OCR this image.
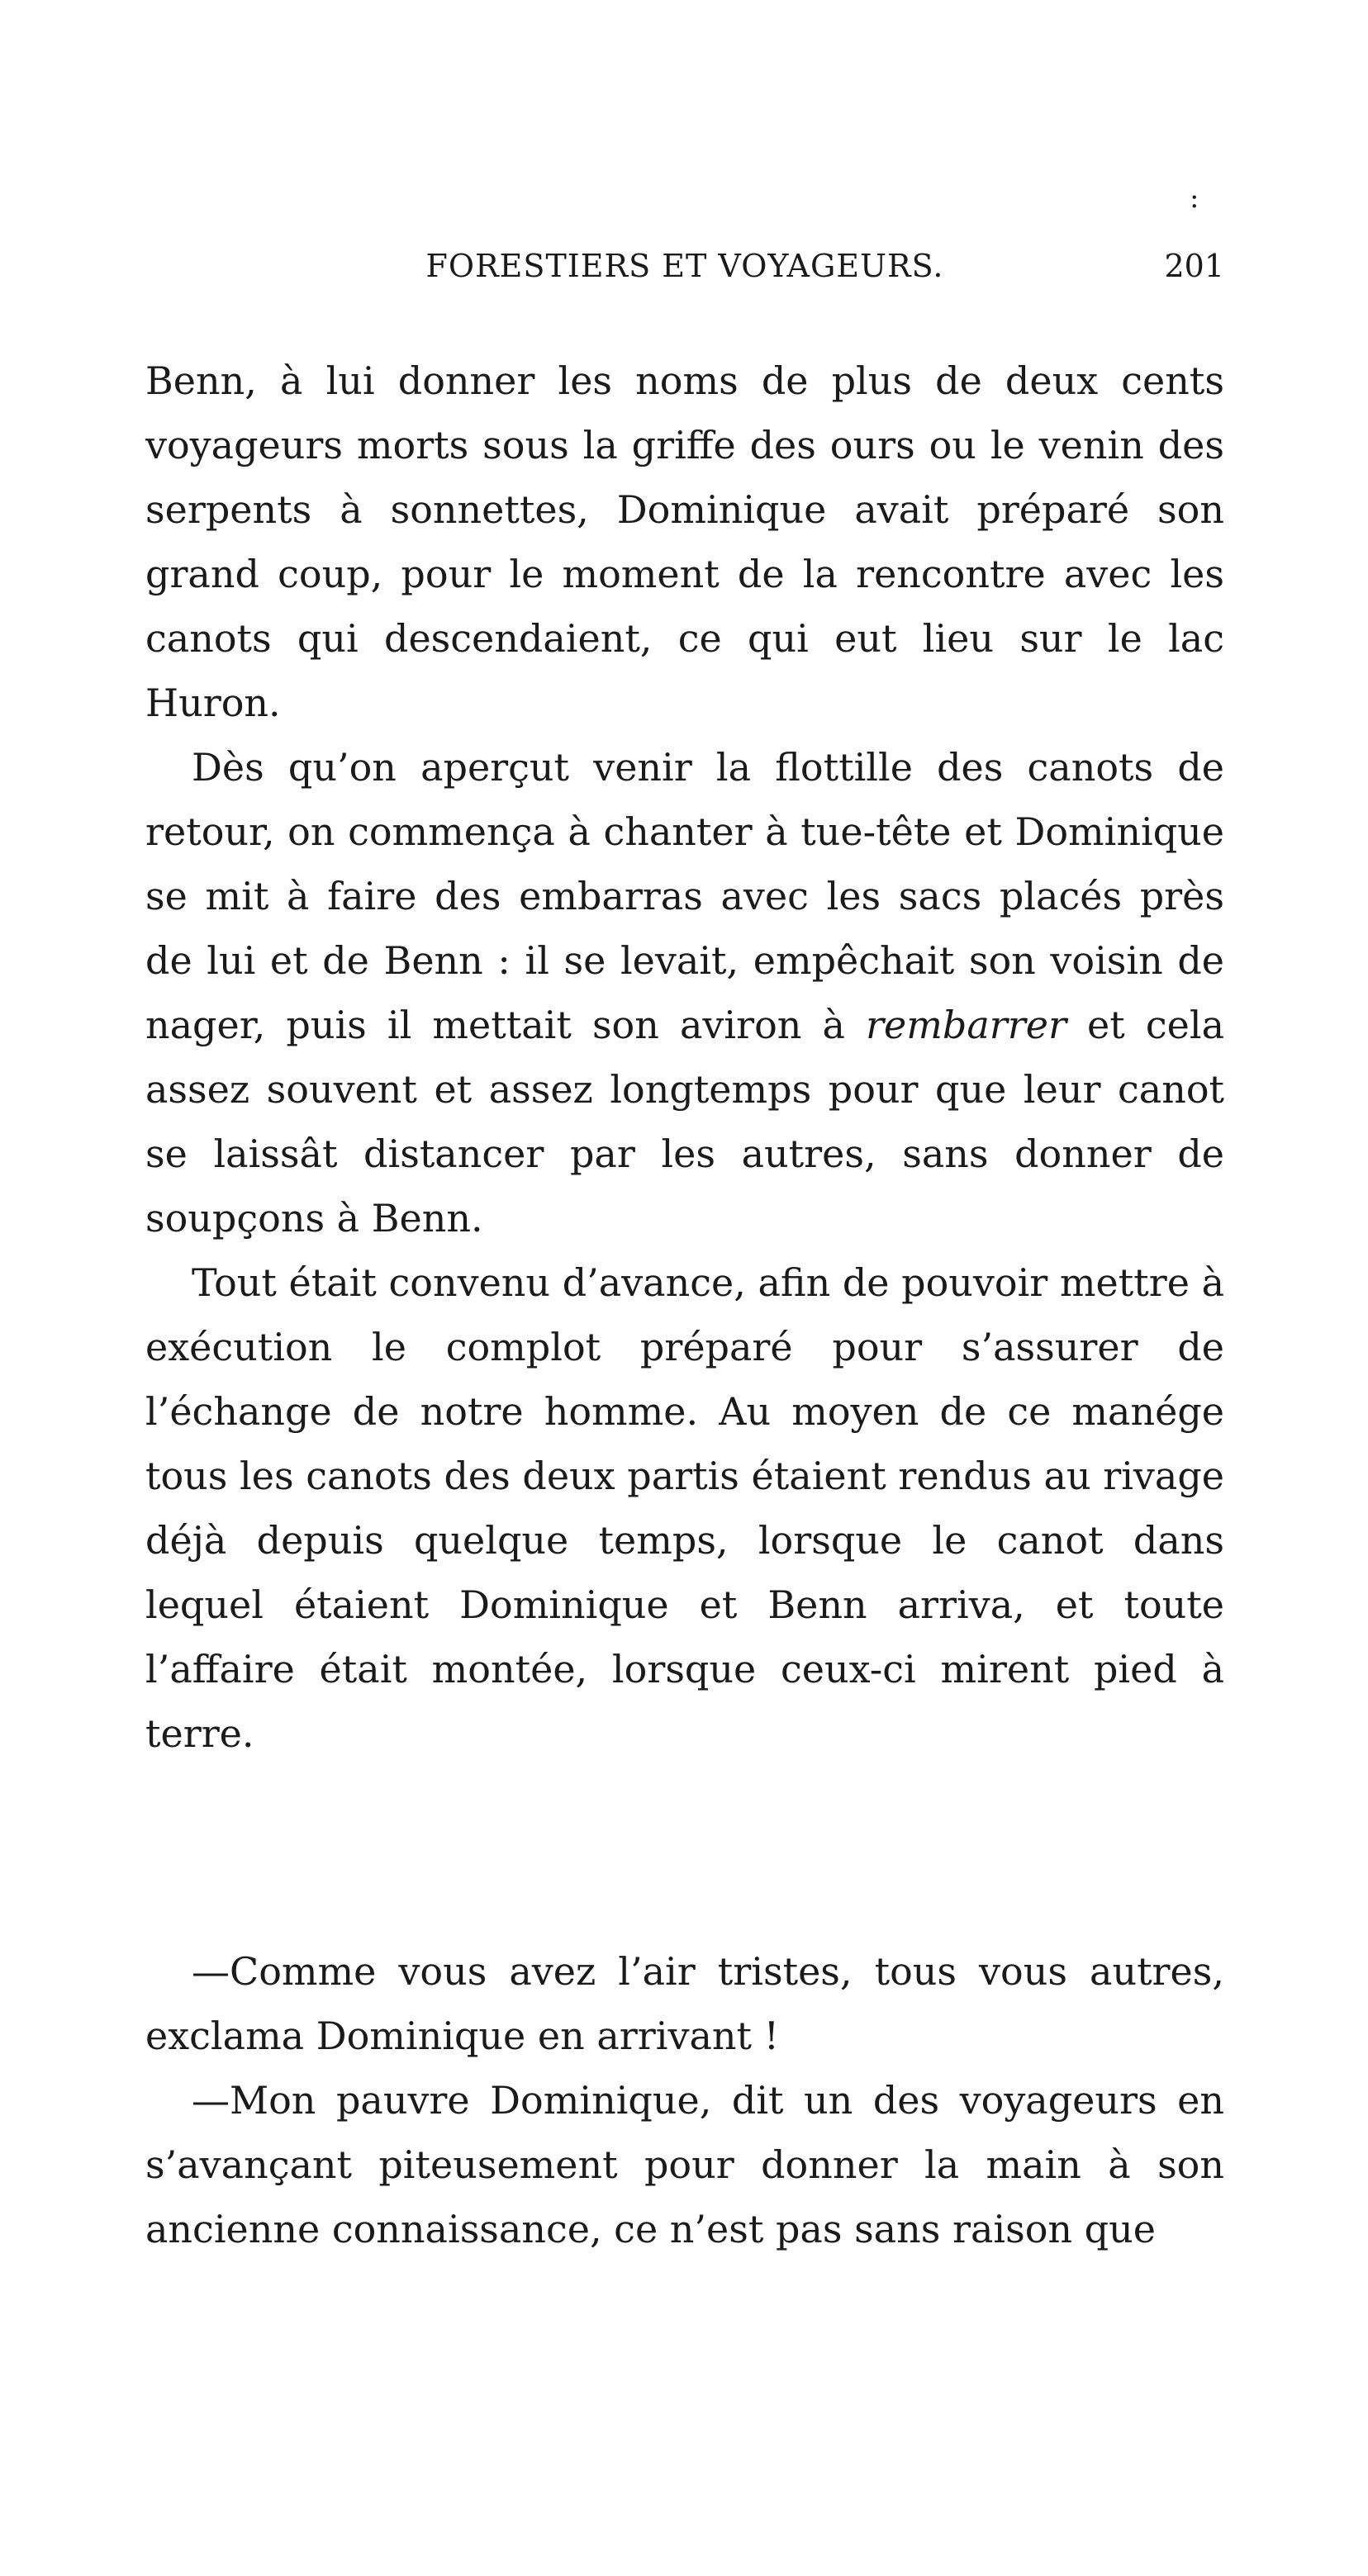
:
FORESTIERS ET VOYAGEURS.	201

Benn, à lui donner les noms de plus de deux cents voyageurs morts sous la griffe des ours ou le venin des serpents à sonnettes, Dominique avait préparé son grand coup, pour le moment de la rencontre avec les canots qui descendaient, ce qui eut lieu sur le lac Huron.

Dès qu’on aperçut venir la flottille des canots de retour, on commença à chanter à tue-tête et Dominique se mit à faire des embarras avec les sacs placés près de lui et de Benn : il se levait, empêchait son voisin de nager, puis il mettait son aviron à rembarrer et cela assez souvent et assez longtemps pour que leur canot se laissât distancer par les autres, sans donner de soupçons à Benn.

Tout était convenu d’avance, afin de pouvoir mettre à exécution le complot préparé pour s’assurer de l’échange de notre homme. Au moyen de ce manége tous les canots des deux partis étaient rendus au rivage déjà depuis quelque temps, lorsque le canot dans lequel étaient Dominique et Benn arriva, et toute l’affaire était montée, lorsque ceux-ci mirent pied à terre.

—Comme vous avez l’air tristes, tous vous autres, exclama Dominique en arrivant !

—Mon pauvre Dominique, dit un des voyageurs en s’avançant piteusement pour donner la main à son ancienne connaissance, ce n’est pas sans raison que
